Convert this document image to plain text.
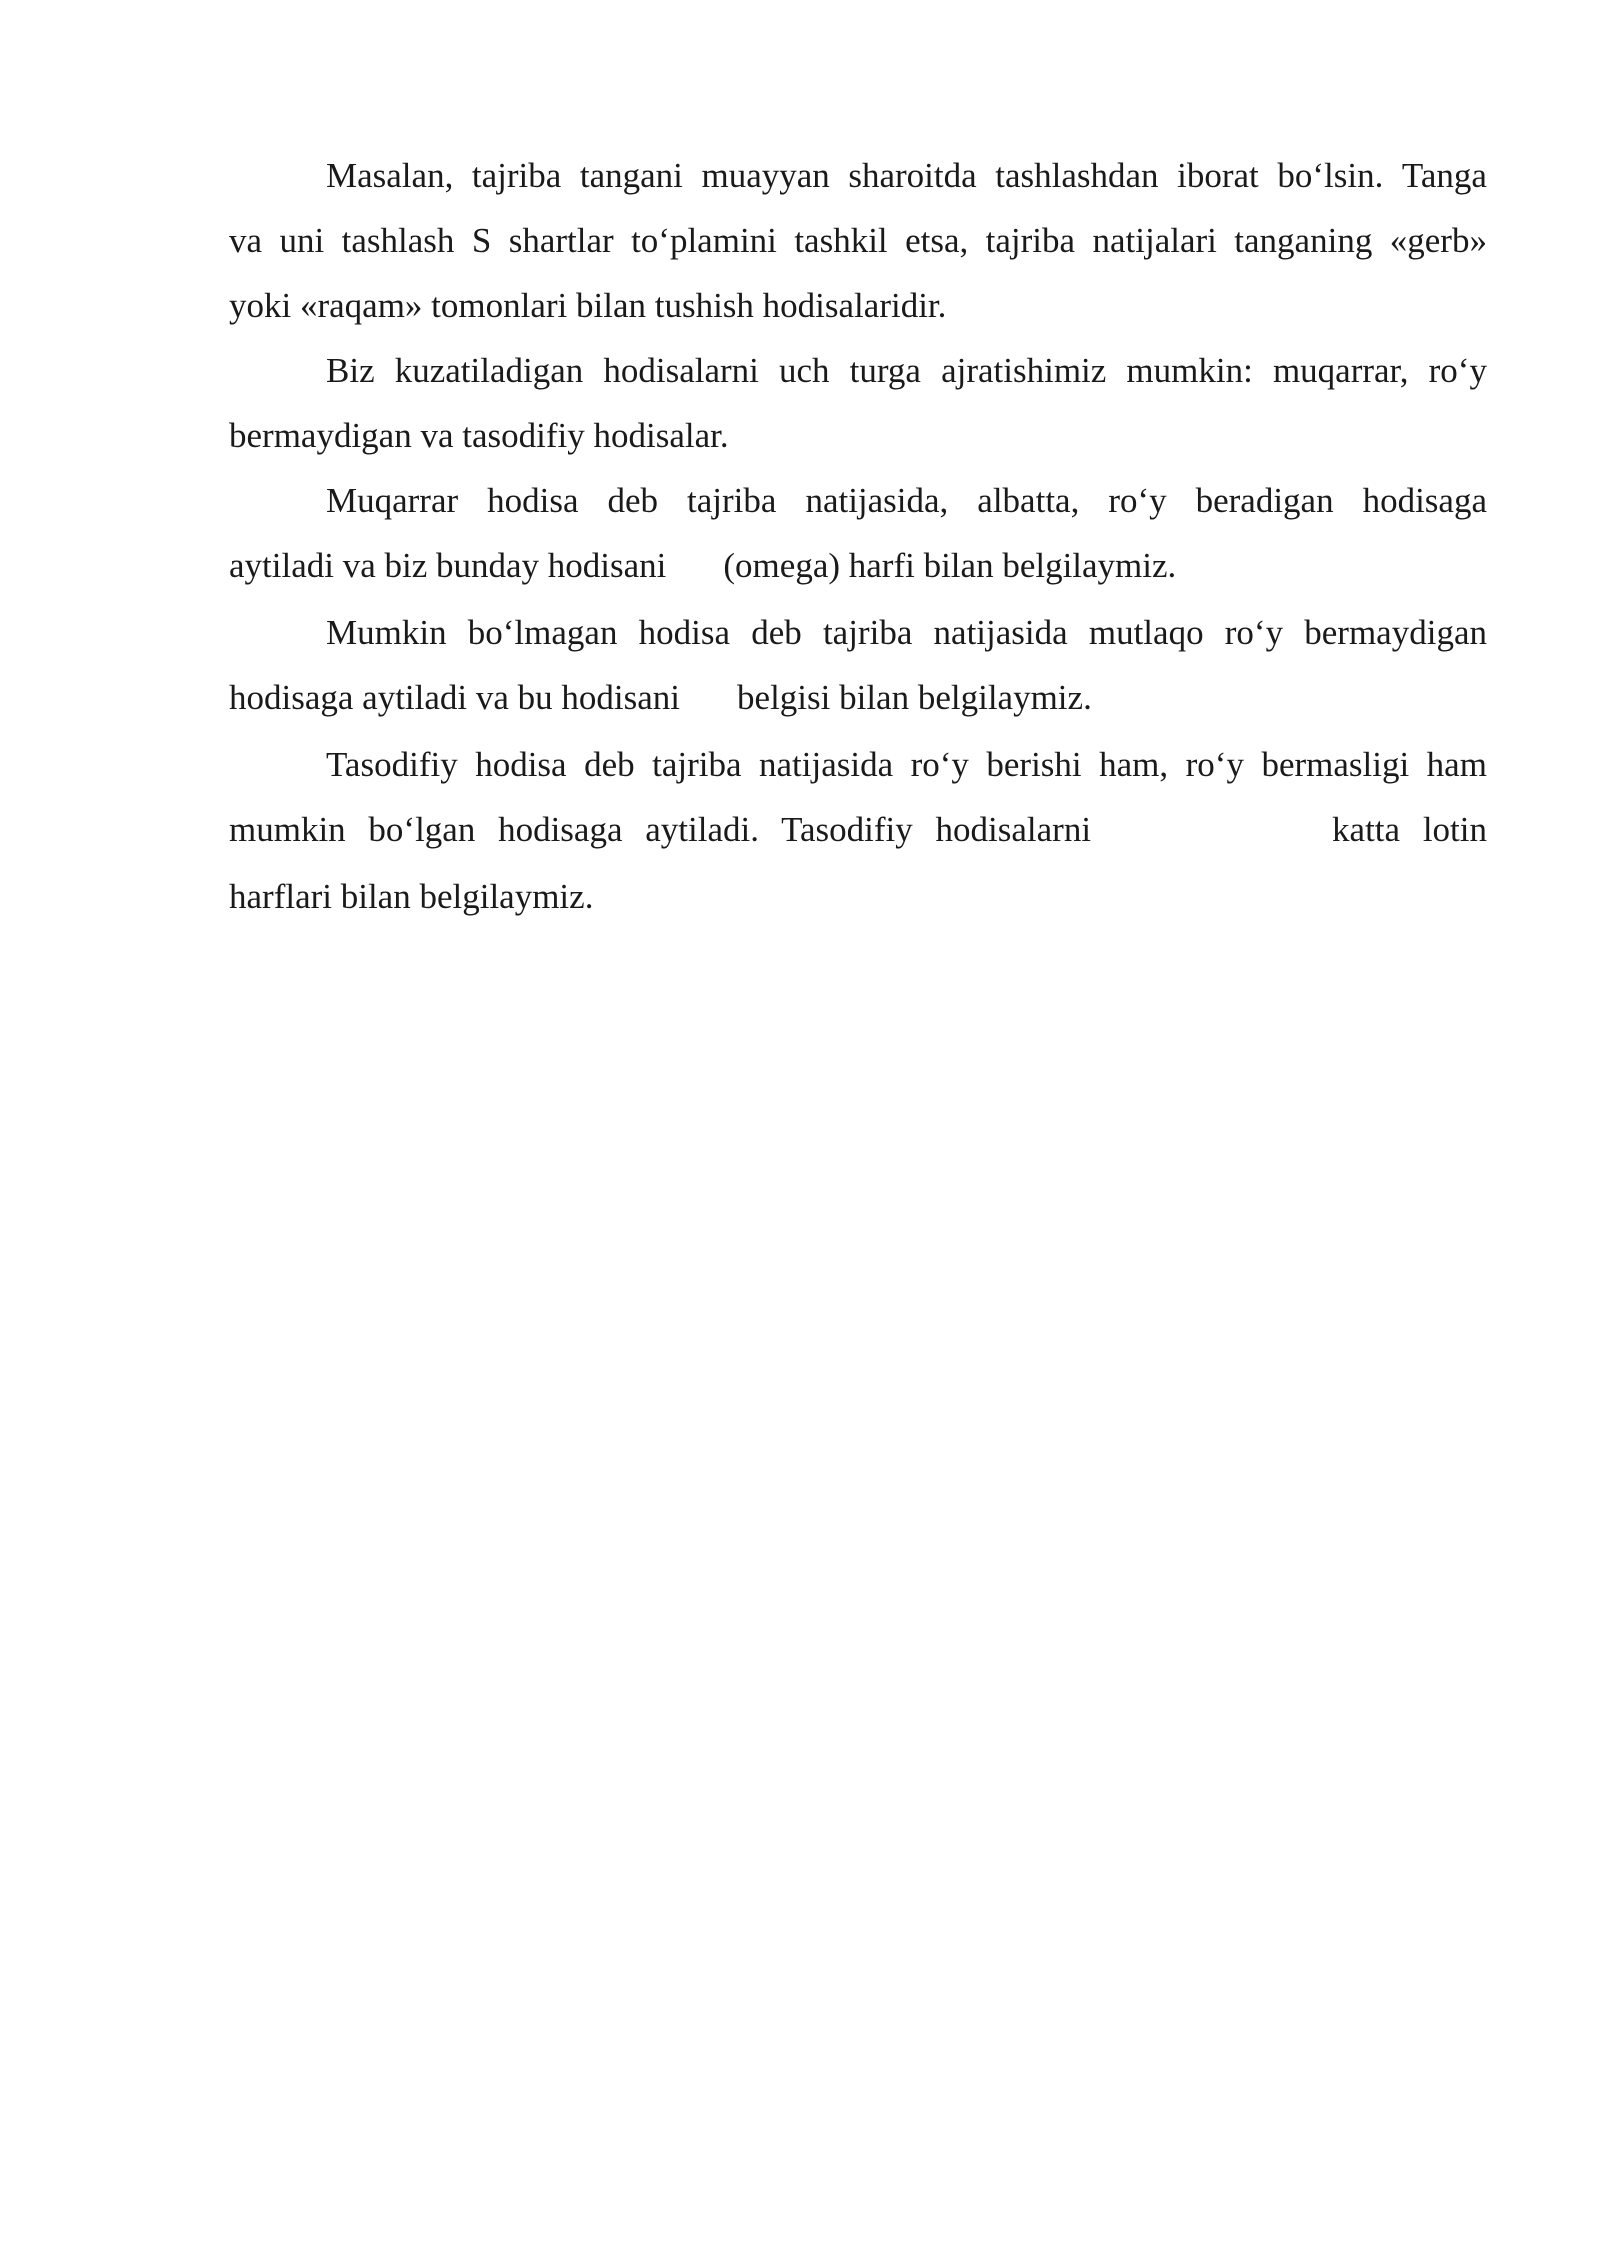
Masalan, tajriba tangani muayyan sharoitda tashlashdan iborat bo‘lsin. Tanga
va uni tashlash S shartlar to‘plamini tashkil etsa, tajriba natijalari tanganing «gerb»
yoki «raqam» tomonlari bilan tushish hodisalaridir.
Biz kuzatiladigan hodisalarni uch turga ajratishimiz mumkin: muqarrar, ro‘y
bermaydigan va tasodifiy hodisalar.
Muqarrar hodisa deb tajriba natijasida, albatta, ro‘y beradigan hodisaga
aytiladi va biz bunday hodisani (omega) harfi bilan belgilaymiz.
Mumkin bo‘lmagan hodisa deb tajriba natijasida mutlaqo ro‘y bermaydigan
hodisaga aytiladi va bu hodisani belgisi bilan belgilaymiz.
Tasodifiy hodisa deb tajriba natijasida ro‘y berishi ham, ro‘y bermasligi ham
mumkin bo‘lgan hodisaga aytiladi. Tasodifiy hodisalarni	katta lotin
harflari bilan belgilaymiz.
